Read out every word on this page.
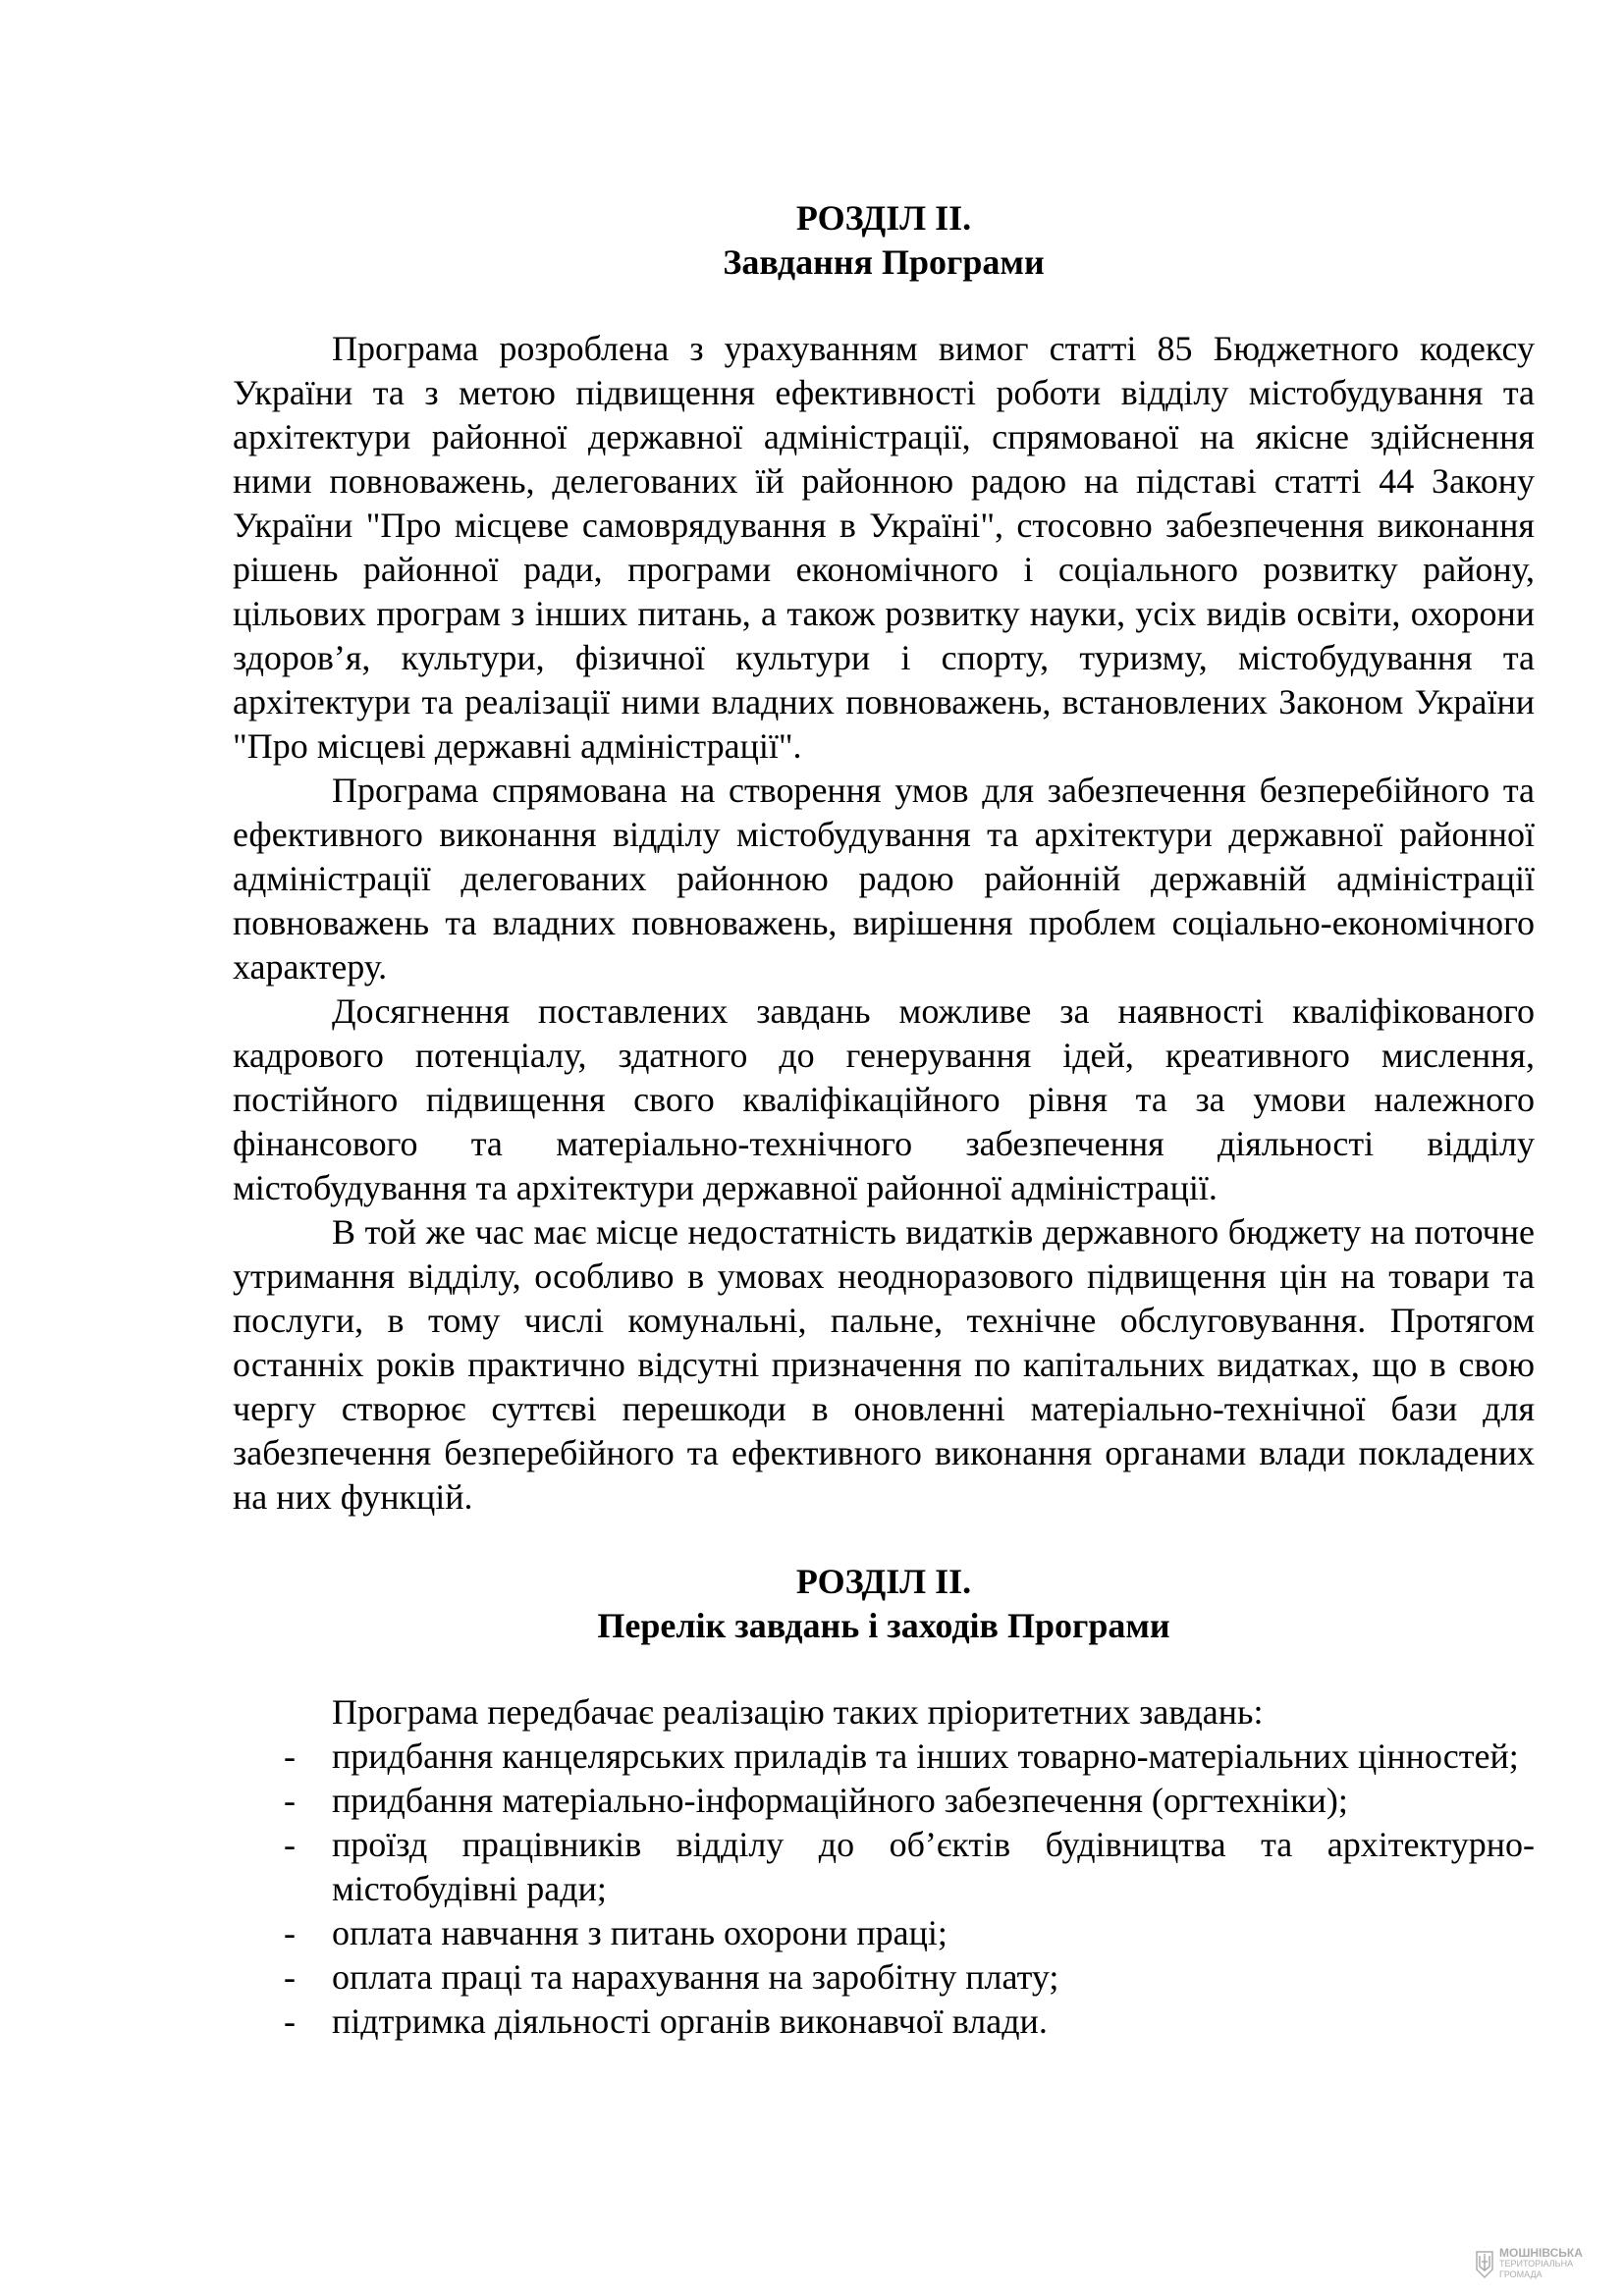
РОЗДІЛ ІІ.
Завдання Програми

Програма розроблена з урахуванням вимог статті 85 Бюджетного кодексу України та з метою підвищення ефективності роботи відділу містобудування та архітектури районної державної адміністрації, спрямованої на якісне здійснення ними повноважень, делегованих їй районною радою на підставі статті 44 Закону України "Про місцеве самоврядування в Україні", стосовно забезпечення виконання рішень районної ради, програми економічного і соціального розвитку району, цільових програм з інших питань, а також розвитку науки, усіх видів освіти, охорони здоров’я, культури, фізичної культури і спорту, туризму, містобудування та архітектури та реалізації ними владних повноважень, встановлених Законом України "Про місцеві державні адміністрації".

Програма спрямована на створення умов для забезпечення безперебійного та ефективного виконання відділу містобудування та архітектури державної районної адміністрації делегованих районною радою районній державній адміністрації повноважень та владних повноважень, вирішення проблем соціально-економічного характеру.

Досягнення поставлених завдань можливе за наявності кваліфікованого кадрового потенціалу, здатного до генерування ідей, креативного мислення, постійного підвищення свого кваліфікаційного рівня та за умови належного фінансового та матеріально-технічного забезпечення діяльності відділу містобудування та архітектури державної районної адміністрації.

В той же час має місце недостатність видатків державного бюджету на поточне утримання відділу, особливо в умовах неодноразового підвищення цін на товари та послуги, в тому числі комунальні, пальне, технічне обслуговування. Протягом останніх років практично відсутні призначення по капітальних видатках, що в свою чергу створює суттєві перешкоди в оновленні матеріально-технічної бази для забезпечення безперебійного та ефективного виконання органами влади покладених на них функцій.

РОЗДІЛ ІІ.
Перелік завдань і заходів Програми

Програма передбачає реалізацію таких пріоритетних завдань:

- придбання канцелярських приладів та інших товарно-матеріальних цінностей;
- придбання матеріально-інформаційного забезпечення (оргтехніки);
- проїзд працівників відділу до об’єктів будівництва та архітектурно-містобудівні ради;
- оплата навчання з питань охорони праці;
- оплата праці та нарахування на заробітну плату;
- підтримка діяльності органів виконавчої влади.
МОШНІВСЬКА
ТЕРИТОРІАЛЬНА
ГРОМАДА
